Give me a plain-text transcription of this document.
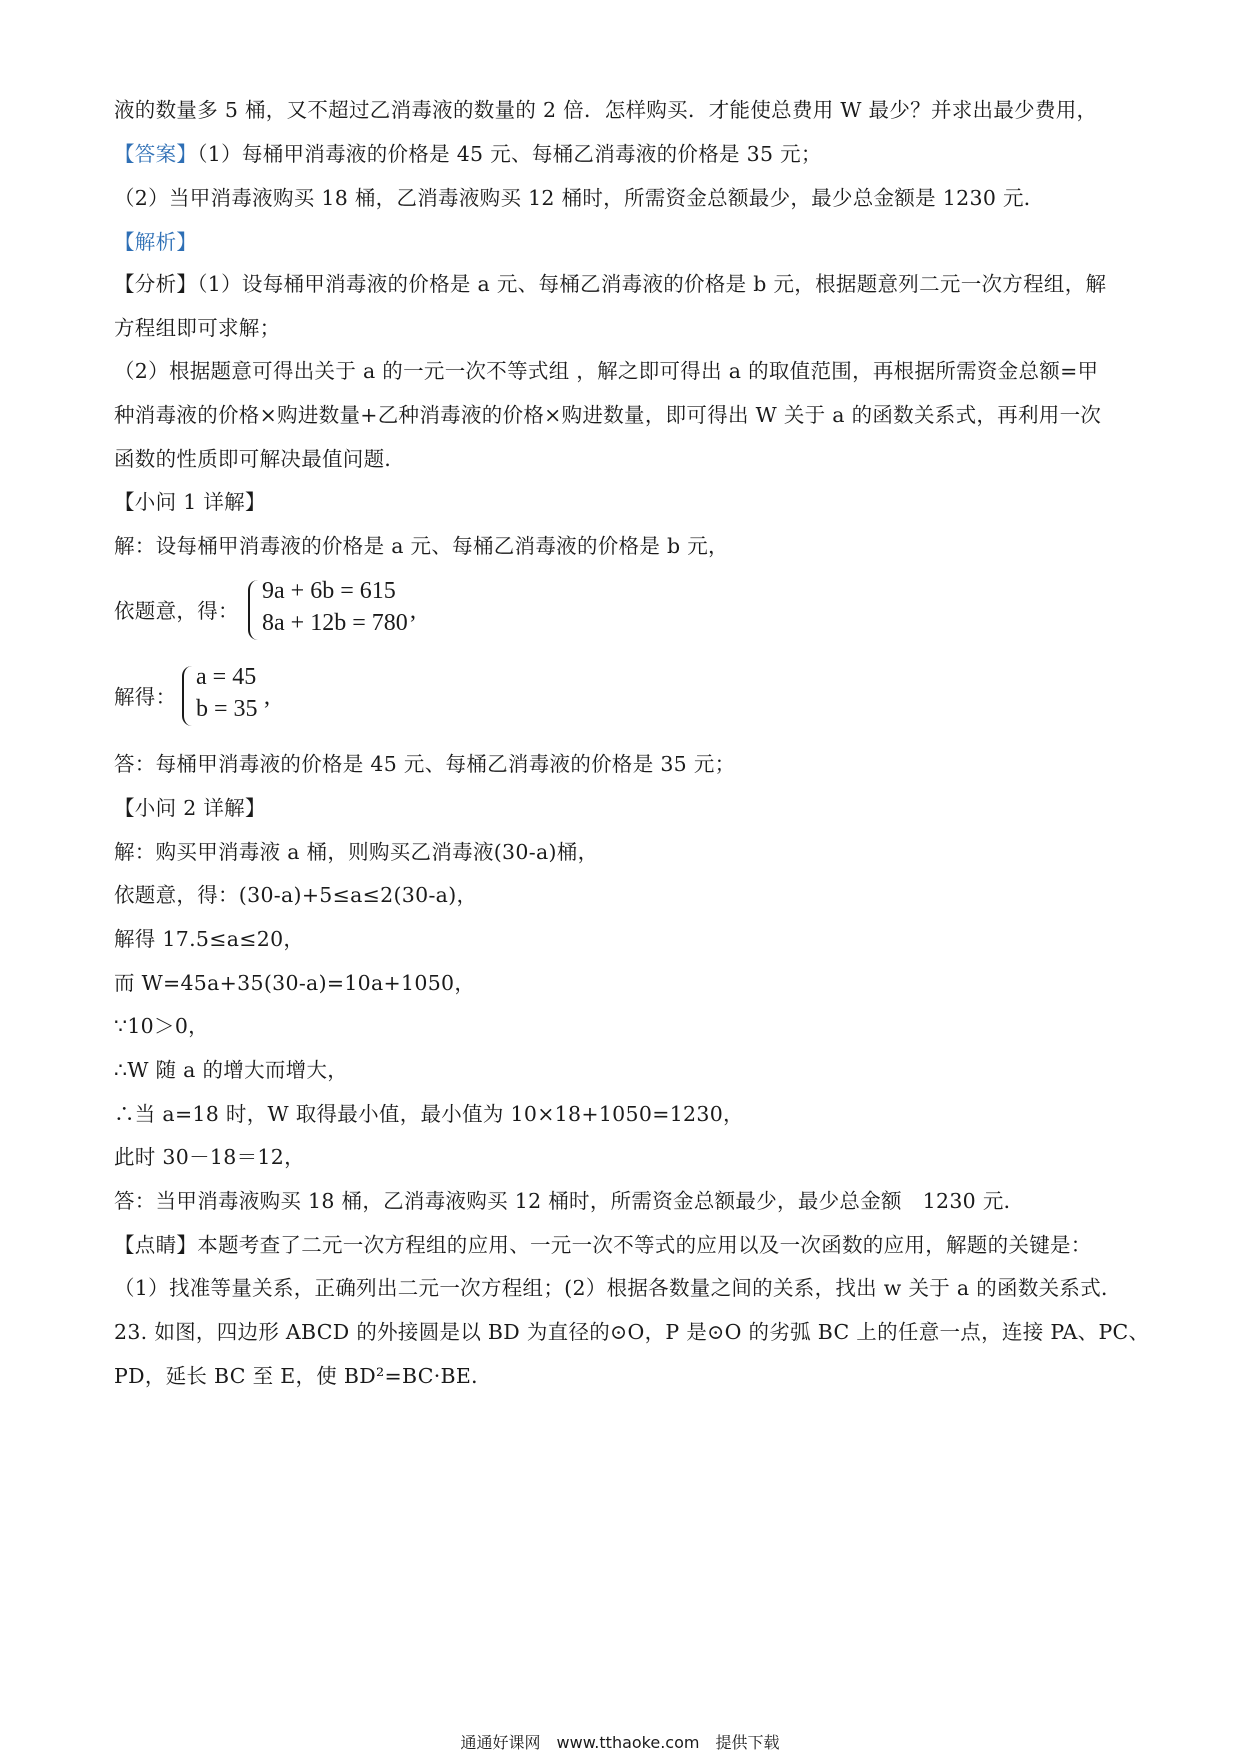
液的数量多 5 桶，又不超过乙消毒液的数量的 2 倍．怎样购买．才能使总费用 W 最少？并求出最少费用，
【答案】（1）每桶甲消毒液的价格是 45 元、每桶乙消毒液的价格是 35 元；
（2）当甲消毒液购买 18 桶，乙消毒液购买 12 桶时，所需资金总额最少，最少总金额是 1230 元．
【解析】
【分析】（1）设每桶甲消毒液的价格是 a 元、每桶乙消毒液的价格是 b 元，根据题意列二元一次方程组，解
方程组即可求解；
（2）根据题意可得出关于 a 的一元一次不等式组 ，解之即可得出 a 的取值范围，再根据所需资金总额=甲
种消毒液的价格×购进数量+乙种消毒液的价格×购进数量，即可得出 W 关于 a 的函数关系式，再利用一次
函数的性质即可解决最值问题．
【小问 1 详解】
解：设每桶甲消毒液的价格是 a 元、每桶乙消毒液的价格是 b 元，
依题意，得：
9a + 6b = 615
8a + 12b = 780 ,
解得：
a = 45
b = 35 ,
答：每桶甲消毒液的价格是 45 元、每桶乙消毒液的价格是 35 元；
【小问 2 详解】
解：购买甲消毒液 a 桶，则购买乙消毒液(30-a)桶，
依题意，得：(30-a)+5≤a≤2(30-a)，
解得 17.5≤a≤20，
而 W=45a+35(30-a)=10a+1050，
∵10＞0，
∴W 随 a 的增大而增大，
∴当 a=18 时，W 取得最小值，最小值为 10×18+1050=1230，
此时 30－18＝12，
答：当甲消毒液购买 18 桶，乙消毒液购买 12 桶时，所需资金总额最少，最少总金额　1230 元．
【点睛】本题考查了二元一次方程组的应用、一元一次不等式的应用以及一次函数的应用，解题的关键是：
（1）找准等量关系，正确列出二元一次方程组；(2）根据各数量之间的关系，找出 w 关于 a 的函数关系式．
23. 如图，四边形 ABCD 的外接圆是以 BD 为直径的⊙O，P 是⊙O 的劣弧 BC 上的任意一点，连接 PA、PC、
PD，延长 BC 至 E，使 BD²=BC·BE．
通通好课网　www.tthaoke.com　提供下载
